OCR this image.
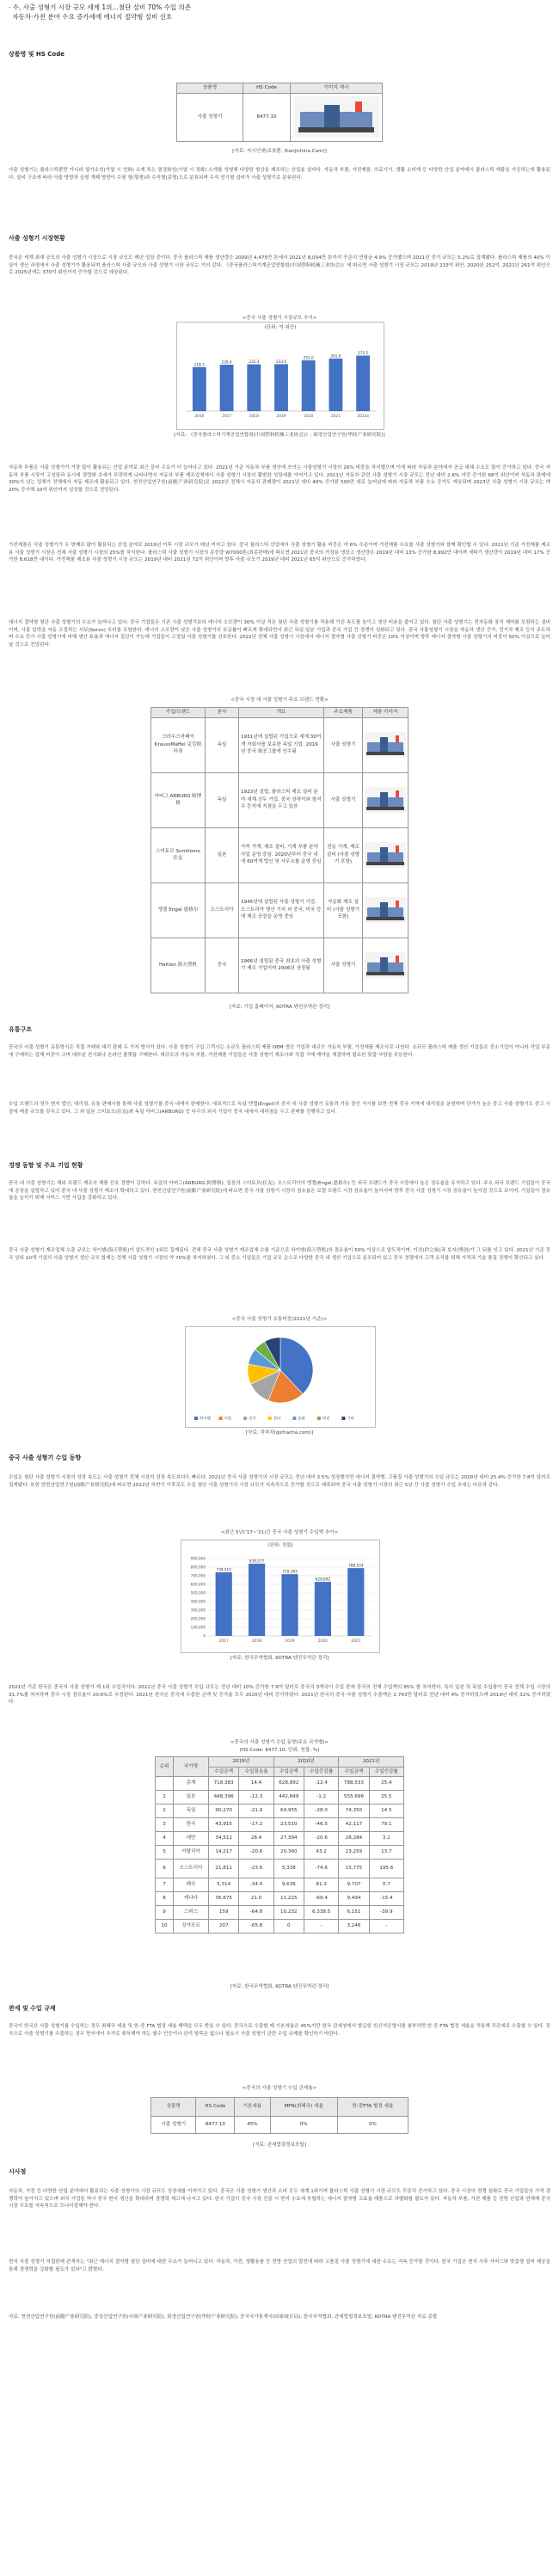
- 수, 사출 성형기 시장 규모 세계 1위…첨단 설비 70% 수입 의존
자동차·가전 분야 수요 증가세에 에너지 절약형 설비 선호
상품명 및 HS Code
상품명	HS Code	이미지 예시
사출 성형기	8477.10	
[자료: 지시인넷(로봇뿐, Xianjichina.Com)]
사출 성형기는 플라스틱뿐만 아니라 열가소성(가열 시 연화) 소재 또는 열경화성(가열 시 경화) 소재를 성형해 다양한 형상을 제조하는 산업용 설비다. 자동차 부품, 가전제품, 의료기기, 생활 소비재 등 다양한 산업 분야에서 플라스틱 제품을 가공하는데 활용된다. 설비 구조에 따라 사출 방향과 금형 개폐 방향이 수평 형(횡형)과 수직형(종형)으로 분류되며 수직 전기형 설비가 사출 성형기로 분류된다.
사출 성형기 시장현황
중국은 세계 최대 규모의 사출 성형기 시장으로 시장 규모도 매년 성장 중이다. 중국 플라스틱 제품 생산량은 2009년 4,475만 톤에서 2021년 8,004만 톤까지 꾸준히 연평균 4.9% 증가했으며 2021년 중기 규모는 5.2%로 집계됐다. 플라스틱 제품의 40% 이상이 생산 과정에서 사출 성형기가 활용되며 플라스틱 사출 규모와 사출 성형기 시장 규모는 거의 같다. 《중국플라스틱기계공업연합회(中国塑料机械工业协会)》에 따르면 사출 성형기 시장 규모는 2019년 233억 위안, 2020년 252억, 2021년 261억 위안으로 2025년에는 370억 위안까지 증가할 것으로 예상된다.
<중국 사출 성형기 시장규모 추이>
(단위: 억 위안)
218.3
2016
230.4
2017
232.3
2018
233.0
2019
252.0
2020
261.0
2021
275.5
2022e
[자료: 《중국플라스틱기계공업연합회(中国塑料机械工业协会)》, 화경산업연구원(华经产业研究院)]
자동차 부품은 사출 성형기가 가장 많이 활용되는 산업 분야로 최근 들어 수요가 더 늘어나고 있다. 2021년 기준 자동차 부품 생산에 쓰이는 사출성형기 시장의 26% 비중을 차지했으며 이에 따라 자동차 분야에서 공급 대체 수요도 많이 증가하고 있다. 중국 자동차 부품 시장이 고성장과 동시에 경량화 추세가 뚜렷하게 나타나면서 자동차 부품 제조업체에서 사출 성형기 시장의 활발한 성장세를 이어가고 있다. 2021년 자동차 관련 사출 성형기 시장 규모는 전년 대비 2.6% 약진 증가한 68억 위안이며 자동차 판매에 30%가 넘는 업체가 전체에서 자동 제조에 활용되고 있다. 현전산업연구원(前瞻产业研究院)은 2022년 전체시 자동차 판매량이 2021년 대비 40% 증가한 500만 대로 늘어남에 따라 자동차 부품 수요 증가도 예상되며 2023년 사출 성형기 시장 규모는 약 20% 증가해 10억 위안까지 성장할 것으로 전망된다.
가전제품은 사출 성형기가 두 번째로 많이 활용되는 산업 분야로 2019년 이후 시장 규모가 매년 커지고 있다. 중국 플라스틱 산업에서 사출 성형기 활용 비중은 약 6% 수준이며 가전제품 수요를 사출 성형기와 함께 확인할 수 있다. 2021년 기준 가전제품 제조용 사출 성형기 시장은 전체 사출 성형기 시장의 25%를 차지한다. 플라스틱 사출 성형기 시장의 총중량 W7000톤(최종판매)에 따르면 2021년 중국의 가정용 냉장고 생산량은 2019년 대비 13% 증가한 8,992만 대이며 세탁기 생산량이 2019년 대비 17% 증가한 8,618만 대이다. 가전제품 제조용 사출 성형기 시장 규모는 2019년 대비 2021년 72억 위안이며 향후 사출 규모가 2019년 대비 2021년 65억 위안으로 증가하였다.
에너지 절약형 첨단 사출 성형기의 수요가 늘어나고 있다. 중국 기업들은 기존 사출 성형기보다 에너지 소모량이 30% 이상 적은 첨단 사출 성형기를 적용해 가공 속도를 높이고 생산 비용을 줄이고 있다. 첨단 사출 성형기는 전자동화 장치 제어를 포함하는 설비이며, 사출 압력을 자동 조절하는 서보(Servo) 모터를 포함한다. 에너지 소모량이 낮은 사출 성형기의 보급률이 빠르게 확대되면서 최근 독일·일본 기업과 중국 기업 간 경쟁이 심화되고 있다. 중국 사출성형기 시장을 자동차 생산 증가, 전기차 제조 등이 주도하며 수요 증가 사출 성형기에 비해 생산 효율과 에너지 절감이 가능해 기업들이 고정밀 사출 성형기를 선호한다. 2022년 전체 사출 성형기 시장에서 에너지 절약형 사출 성형기 비중은 10% 이상이며 향후 에너지 절약형 사출 성형기의 비중이 50% 이상으로 늘어날 것으로 전망된다.
<중국 시장 내 사출 성형기 주요 브랜드 현황>
기업/브랜드	본사	개요	주요제품	제품 이미지
크라우스마페이 KraussMaffei 克劳斯玛菲	독일	1931년에 설립된 기업으로 세계 30여개 자회사를 보유한 독일 기업. 2016년 중국 화공그룹에 인수됨	사출 성형기	

아버그 ARBURG 阿博格	독일	1923년 설립, 플라스틱 제조 설비 분야 세계 선두 기업. 중국 상하이와 항저우 등지에 지점을 두고 있음	사출 성형기	

스미토모 Sumitomo 住友	일본	가죽 가게, 제조 설비, 기계 부품 분야 사업 운영 중임. 2020년부터 중국 내에 60여개 법인 및 사무소를 운영 중임	전동 기계, 제조 설비 (사출 성형기 포함)	

엥겔 Engel 恩格尔	오스트리아	1945년에 설립된 사출 성형기 기업. 오스트리아 생산 기지 외 중국, 미국 등에 제조 공장을 운영 중임	자동화 제조 설비 (사출 성형기 포함)	

Haitian 海天塑机	중국	1966년 설립된 중국 최초의 사출 성형기 제조 기업이며 2006년 상장됨	사출 성형기	
[자료: 기업 홈페이지, KOTRA 텐진무역관 정리]
유통구조
중국의 사출 성형기 유통방식은 직접 거래와 대리 판매 두 가지 방식이 있다. 사출 성형기 구입 고객사는 소규모 플라스틱 제품 OEM 생산 기업과 대규모 자동차 부품, 가전제품 제조사로 나뉜다. 소규모 플라스틱 제품 생산 기업들은 중소기업이 아니라 작업 부문에 구매하는 업체 비중이 크며 대부분 전시회나 온라인 플랫폼 구매한다. 대규모의 자동차 부품, 가전제품 기업들은 사출 성형기 제조사와 직접 구매 계약을 체결하며 필요한 맞춤 사양을 주문한다.
수입 브랜드의 경우 현지 법인, 대리점, 유통 판매사를 통해 사출 성형기를 중국 내에서 판매한다. 대표적으로 독일 엔겔(Engel)의 중국 내 사출 성형기 유통과 가동 중인 지사를 보면 전체 중국 지역에 대리점을 운영하며 단가가 높은 중고 사출 성형기도 중고 시장에 매출 규모를 갖추고 있다. 그 외 일본 스미토모(住友)와 독일 아버그(ARBURG) 등 다수의 외국 기업이 중국 내에서 대리점을 두고 판매를 진행하고 있다.
경쟁 동향 및 주요 기업 현황
중국 내 사출 성형기는 해외 브랜드 제조사 제품 선호 경향이 강하다. 독일의 아버그(ARBURG,阿博格), 일본의 스미토모(住友), 오스트리아의 엥겔(Engel,恩格尔) 등 외국 브랜드가 중국 시장에서 높은 점유율을 유지하고 있다. 주요 외국 브랜드 기업들이 중국에 공장을 설립하고 있어 중국 내 사출 성형기 제조가 확대되고 있다. 현전산업연구원(前瞻产业研究院)에 따르면 중국 사출 성형기 시장의 점유율은 로컬 브랜드 시장 점유율이 높아지며 향후 중국 사출 성형기 시장 점유율이 높아질 것으로 보이며, 기업들이 점유율을 늘리기 위해 서비스 기반 사업을 강화하고 있다.
중국 사출 성형기 제조업체 수출 규모는 하이톈(海天塑机)이 압도적인 1위로 집계된다. 전체 중국 사출 성형기 제조업체 수를 기준으로 하이톈(海天塑机)의 점유율이 50% 이상으로 압도적이며, 이전(伊之密)과 보지(博创)가 그 뒤를 잇고 있다. 2021년 기준 중국 상위 10개 기업의 사출 성형기 생산 규모 합계는 전체 사출 성형기 시장의 약 70%를 차지하였다. 그 외 중소 기업들은 기업 규모 순으로 다양한 중국 내 생산 기업으로 분포되어 있고 중국 경쟁에서 고객 유치를 위해 가격과 기술 품질 경쟁이 확산되고 있다.
<중국 사출 성형기 유통비중(2021년 기준)>
하이톈	이전	보지	진다	둥화	력진	기타
[자료: 차차차(qichacha.com)]
중국 사출 성형기 수입 동향
수입은 첨단 사출 성형기 시장의 성장 속도는 사출 성형기 전체 시장의 성장 속도보다도 빠르다. 2021년 중국 사출 성형기의 시장 규모는 전년 대비 3.5% 성장했지만 에너지 절약형, 고품질 사출 성형기의 수입 규모는 2020년 대비 25.4% 증가한 7.8억 달러로 집계됐다. 또한 현전산업연구원(前瞻产业研究院)에 따르면 2022년 하반기 이후로도 수입 첨단 사출 성형기의 시장 규모가 지속적으로 증가할 것으로 예측되며 중국 사출 성형기 시장의 최근 5년 간 사출 성형기 수입 추세는 다음과 같다.
<최근 5년('17~'21)간 중국 사출 성형기 수입액 추이>
(단위: 천불)
900,000
800,000
700,000
600,000
500,000
400,000
300,000
200,000
100,000
0
739,519
2017
839,577
2018
718,383
2019
628,892
2020
788,533
2021
[자료: 한국무역협회, KOTRA 텐진무역관 정리]
2021년 기준 한국은 중국의 사출 성형기 제 1위 수입국이다. 2021년 중국 사출 성형기 수입 규모는 전년 대비 10% 증가한 7.9억 달러로 중국의 3개국이 수입 중에 중국의 전체 수입액의 85% 를 차지한다. 특히 일본 및 독일 수입품이 중국 전체 수입 시장의 31.7%를 차지하며 중국 시장 점유율이 20.6%로 추정된다. 2021년 한국은 중국에 수출한 금액 및 증가율 모두 2020년 대비 증가하였다. 2021년 한국의 중국 사출 성형기 수출액은 2,743만 달러로 전년 대비 4% 증가하였으며 2019년 대비 32% 증가하였다.
<중국의 사출 성형기 수입 동향(주요 국가별)>
(HS Code: 8477.10, 단위: 천불, %)
순위	국가명	2019년		2020년		2021년	
		수입금액	수입점유율	수입금액	수입증감률	수입금액	수입증감률
	총계	718,383	14.4	628,892	-12.4	788,533	25.4
1	일본	448,396	-12.3	442,849	-1.2	555,696	25.5
2	독일	90,270	-21.9	64,955	-28.0	74,350	14.5
3	한국	43,915	-17.2	23,510	-46.5	42,117	79.1
4	대만	34,511	28.4	27,394	-20.6	28,284	3.2
5	이탈리아	14,217	-20.6	20,360	43.2	23,259	13.7
6	오스트리아	21,811	-23.6	5,338	-74.6	15,775	195.6
7	태국	5,314	-34.4	9,636	81.3	9,707	0.7
8	캐나다	36,675	21.0	11,225	-69.4	9,494	-15.4
9	스위스	159	-64.8	10,232	6,338.5	6,151	-39.9
10	싱가포르	207	-65.8	0	-	3,246	-
[자료: 한국무역협회, KOTRA 텐진무역관 정리]
관세 및 수입 규제
중국이 한국산 사출 성형기를 수입하는 경우 최혜국 세율 및 한-중 FTA 협정 세율 혜택을 모두 받을 수 있다. 중국으로 수출할 때 기본세율은 45%지만 한국 관세청에서 발급한 원산지증명서를 첨부하면 한·중 FTA 협정 세율을 적용해 무관세로 수출할 수 있다. 중국으로 사출 성형기를 수출하는 경우 현지에서 추가로 취득해야 하는 필수 인증이나 관리 항목은 없으나 필요시 사출 성형기 관련 수입 규제를 확인하기 바란다.
<중국의 사출 성형기 수입 관세율>
상품명	HS Code	기본세율	MFN(최혜국) 세율	한-중FTA 협정 세율
사출 성형기	8477.10	45%	0%	0%
[자료: 관세법령정보포털]
시사점
자동차, 가전 등 다양한 산업 분야에서 활용되는 사출 성형기의 시장 규모도 성장세를 이어가고 있다. 중국은 사출 성형기 생산과 소비 모두 세계 1위이며 플라스틱 사출 성형기 시장 규모도 꾸준히 증가하고 있다. 중국 시장의 경쟁 심화로 중국 기업들의 가격 경쟁력이 높아지고 있으며 외국 기업들 역시 중국 현지 생산을 확대하며 경쟁력 제고에 나서고 있다. 한국 기업이 중국 시장 진출 시 현지 수요에 부합하는 에너지 절약형 고효율 제품으로 차별화할 필요가 있다. 자동차 부품, 가전 제품 등 전방 산업과 연계해 중국 시장 수요를 지속적으로 모니터링해야 한다.
현지 사출 성형기 직접판매 관계자는 "최근 에너지 절약형 첨단 설비에 대한 수요가 늘어나고 있다. 자동차, 가전, 생활용품 등 전방 산업의 발전에 따라 고품질 사출 성형기에 대한 수요는 지속 증가할 것이다. 한국 기업은 현지 사후 서비스와 맞춤형 설비 제공을 통해 경쟁력을 강화할 필요가 있다"고 밝혔다.
자료: 현전산업연구원(前瞻产业研究院), 중상산업연구원(中商产业研究院), 화경산업연구원(华经产业研究院), 중국국가통계국(国家统计局), 한국무역협회, 관세법령정보포털, KOTRA 텐진무역관 자료 종합
